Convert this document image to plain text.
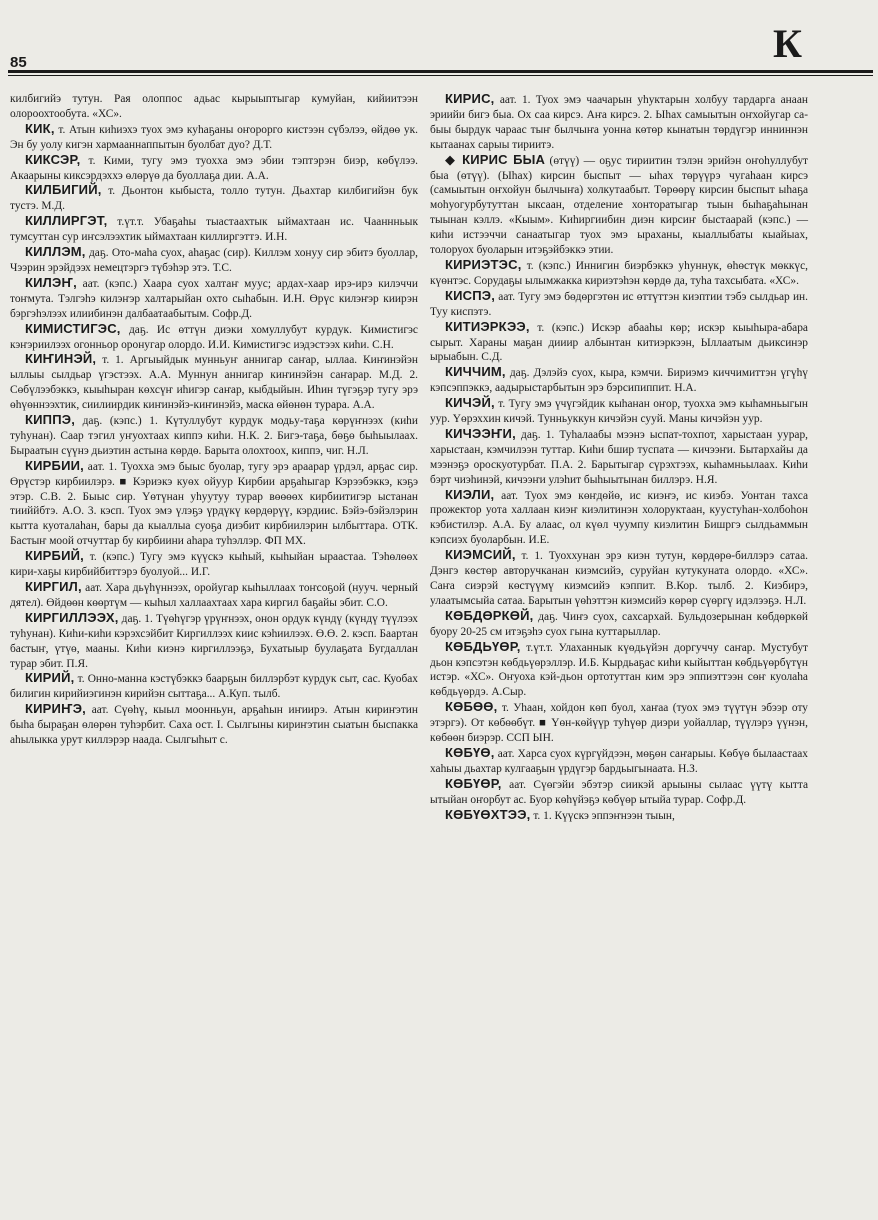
85	К

килбигийэ тутун. Рая олоппос адьас кырыыптыгар кумуйан, кийиитээн олороохтообута. «ХС».

КИК, т. Атын киһиэхэ туох эмэ куһаҕаны оҥорорго кистээн сүбэлээ, өйдөө ук. Эн бу уолу кигэн хармааннаппытын буолбат дуо? Д.Т.

КИКСЭР, т. Кими, тугу эмэ туохха эмэ эбии тэптэрэн биэр, көбүлээ. Акаарыны киксэрдэххэ өлөрүө да буоллаҕа дии. А.А.

КИЛБИГИЙ, т. Дьонтон кыбыста, толло тутун. Дьахтар килбигийэн бук тустэ. М.Д.

КИЛЛИРГЭТ, т.үт.т. Убаҕаһы тыастаахтык ыймахтаан ис. Чааннньык тумсуттан сур иҥсэлээхтик ыймахтаан киллиргэттэ. И.Н.

КИЛЛЭМ, даҕ. Ото-маһа суох, аһаҕас (сир). Киллэм хонуу сир эбитэ буоллар, Чээрин эрэйдээх немецтэргэ түбэһэр этэ. Т.С.

КИЛЭҤ, аат. (кэпс.) Хаара суох халтаҥ муус; ардах-хаар ирэ-ирэ килэччи тоҥмута. Тэлгэһэ килэҥэр халтарыйан охто сыһабын. И.Н. Өрүс килэҥэр киирэн бэргэһэлээх илиибинэн далбаатаабытым. Софр.Д.

КИМИСТИГЭС, даҕ. Ис өттүн диэки хомуллубут курдук. Кимистигэс кэҥэриилээх огонньор оронугар олордо. И.И. Кимистигэс иэдэстээх киһи. С.Н.

КИҤИНЭЙ, т. 1. Аргыыйдык мунньуҥ аннигар саҥар, ыллаа. Киҥинэйэн ыллыы сылдьар үгэстээх. А.А. Муннун аннигар киҥинэйэн саҥарар. М.Д. 2. Сөбүлээбэккэ, кыыһыран көхсүҥ иһигэр саҥар, кыбдыйын. Иһин түгэҕэр тугу эрэ өһүөннээхтик, сиилиирдик киҥинэйэ-киҥинэйэ, маска өйөнөн турара. А.А.

КИППЭ, даҕ. (кэпс.) 1. Күтуллубут курдук модьу-таҕа көрүҥнээх (киһи туһунан). Саар тэгил уҥуохтаах киппэ киһи. Н.К. 2. Бигэ-таҕа, бөҕө быһыылаах. Быраатын сүүнэ дьиэтин астына көрдө. Барыта олохтоох, киппэ, чиг. Н.Л.

КИРБИИ, аат. 1. Туохха эмэ быыс буолар, тугу эрэ араарар үрдэл, арҕас сир. Өрүстэр кирбиилэрэ. ■ Кэриэкэ куөх ойуур Кирбии арҕаһыгар Кэрээбэккэ, кэҕэ этэр. С.В. 2. Быыс сир. Үөтүнан уһуутуу турар вөөөөх кирбиитигэр ыстанан тииййбтэ. А.О. 3. кэсп. Туох эмэ үлэҕэ үрдүкү көрдөрүү, кэрдиис. Бэйэ-бэйэлэрин кытта куоталаһан, бары да кыаллыа суоҕа диэбит кирбиилэрин ылбыттара. ОТК. Бастыҥ моой отчуттар бу кирбиини аһара туһэллэр. ФП МХ.

КИРБИЙ, т. (кэпс.) Тугу эмэ күүскэ кыһый, кыһыйан ыраастаа. Тэһөлөөх кири-хаҕы кирбийбиттэрэ буолуой... И.Г.

КИРГИЛ, аат. Хара дьүһүннээх, оройугар кыһыллаах тоҥсоҕой (нууч. черный дятел). Өйдөөн көөртүм — кыһыл халлаахтаах хара киргил баҕайы эбит. С.О.

КИРГИЛЛЭЭХ, даҕ. 1. Түөһүгэр үрүҥнээх, онон ордук күндү (күндү түүлээх туһунан). Киһи-киһи кэрэхсэйбит Киргиллээх киис кэһиилээх. Ө.Ө. 2. кэсп. Баартан бастыҥ, үтүө, мааны. Киһи киэнэ киргиллээҕэ, Бухатыыр буулаҕата Бугдаллан турар эбит. П.Я.

КИРИЙ, т. Онно-манна кэстүбэккэ баарҕын биллэрбэт курдук сыт, сас. Куобах билигин кирийиэгинэн кирийэн сыттаҕа... А.Куп. тылб.

КИРИҤЭ, аат. Сүөһү, кыыл моонньун, арҕаһын иҥиирэ. Атын кириҥэтин быһа быраҕан өлөрөн туһэрбит. Саха ост. I. Сылгыны кириҥэтин сыатын быспакка аһылыкка урут киллэрэр наада. Сылгыһыт с.

КИРИС, аат. 1. Туох эмэ чаачарын уһуктарын холбуу тардарга анаан эриийи бигэ быа. Ох саа кирсэ. Аҥа кирсэ. 2. Ыһах самыытын оҥхойугар сабыы бырдук чараас тыҥ былчыҥа уонна көтөр кынатын төрдүгэр инниннэн кытаанах сарыы тириитэ.

◆ КИРИС БЫА (өтүү) — оҕус тириитин тэлэн эрийэн оҥоһуллубут быа (өтүү). (Ыһах) кирсин быспыт — ыһах төрүүрэ чугаһаан кирсэ (самыытын оҥхойун былчыҥа) холкутаабыт. Төрөөрү кирсин быспыт ыһаҕа моһуогурбутуттан ыксаан, отделение хонторатыгар тыын быһаҕаһынан тыынан кэллэ. «Кыым». Киһиргиибин диэн кирсиҥ быстаарай (кэпс.) — киһи истээччи санаатыгар туох эмэ ыраханы, кыаллыбаты кыайыах, толоруох буоларын итэҕэйбэккэ этии.

КИРИЭТЭС, т. (кэпс.) Иннигин биэрбэккэ уһуннук, өһөстүк мөккүс, күөнтэс. Сорудаҕы ылымжакка кириэтэһэн көрдө да, туһа тахсыбата. «ХС».

КИСПЭ, аат. Тугу эмэ бөдөргэтөн ис өттүттэн киэптии тэбэ сылдьар ин. Туу киспэтэ.

КИТИЭРКЭЭ, т. (кэпс.) Искэр абааһы көр; искэр кыыһыра-абара сырыт. Хараны маҕан дииир албынтан китиэркээн, Ыллаатым дьиксинэр ырыабын. С.Д.

КИЧЧИМ, даҕ. Дэлэйэ суох, кыра, кэмчи. Бириэмэ киччимиттэн үгүһү кэпсэппэккэ, аадырыстарбытын эрэ бэрсипиппит. Н.А.

КИЧЭЙ, т. Тугу эмэ үчүгэйдик кыһанан оҥор, туохха эмэ кыһамньыгын уур. Үөрэххин кичэй. Тунньуккун кичэйэн сууй. Маны кичэйэн уур.

КИЧЭЭҤИ, даҕ. 1. Туһалаабы мээнэ ыспат-тохпот, харыстаан уурар, харыстаан, кэмчилээн туттар. Киһи бшир туспата — кичээҥи. Бытархайы да мээнэҕэ ороскуотурбат. П.А. 2. Барытыгар сүрэхтээх, кыһамньылаах. Киһи бэрт чиэһинэй, кичээҥи улэһит быһыытынан биллэрэ. Н.Я.

КИЭЛИ, аат. Туох эмэ көҥдөйө, ис киэҥэ, ис киэбэ. Уонтан тахса прожектор уота халлаан киэҥ киэлитинэн холоруктаан, куустуһан-холбоһон кэбистилэр. А.А. Бу алаас, ол күөл чуумпу киэлитин Бишргэ сылдьаммын кэпсиэх буоларбын. И.Е.

КИЭМСИЙ, т. 1. Туоххунан эрэ киэн тутун, көрдөрө-биллэрэ сатаа. Дэнгэ көстөр авторучканан киэмсийэ, суруйан кутукуната олордо. «ХС». Саҥа сиэрэй көстүүмү киэмсийэ кэппит. В.Кор. тылб. 2. Киэбирэ, улаатымсыйа сатаа. Барытын үөһэттэн киэмсийэ көрөр сүөргү идэлээҕэ. Н.Л.

КӨБДӨРКӨЙ, даҕ. Чиҥэ суох, сахсархай. Бульдозерынан көбдөркөй буору 20-25 см итэҕэһэ суох гына куттарыллар.

КӨБДЬҮӨР, т.үт.т. Улаханнык күөдьүйэн доргуччу саҥар. Мустубут дьон кэпсэтэн көбдьүөрэллэр. И.Б. Кырдьаҕас киһи кыйыттан көбдьүөрбүтүн истэр. «ХС». Оҥуоха кэй-дьон ортотуттан ким эрэ эппиэттээн сөҥ куолаһа көбдьүөрдэ. А.Сыр.

КӨБӨӨ, т. Уһаан, хойдон көп буол, хаҥаа (туох эмэ түүтүн эбээр оту этэргэ). От көбөөбүт. ■ Үөн-көйүүр туһүөр диэри уойаллар, түүлэрэ үүнэн, көбөөн биэрэр. ССП ЫН.

КӨБҮӨ, аат. Харса суох күргүйдээн, мөҕөн саҥарыы. Көбүө былаастаах хаһыы дьахтар кулгааҕын үрдүгэр бардьыгынаата. Н.З.

КӨБҮӨР, аат. Сүөгэйи эбэтэр сиикэй арыыны сылаас үүтү кытта ытыйан оҥорбут ас. Буор көһүйэҕэ көбүөр ытыйа турар. Софр.Д.

КӨБҮӨХТЭЭ, т. 1. Күүскэ эппэҥнээн тыын,
